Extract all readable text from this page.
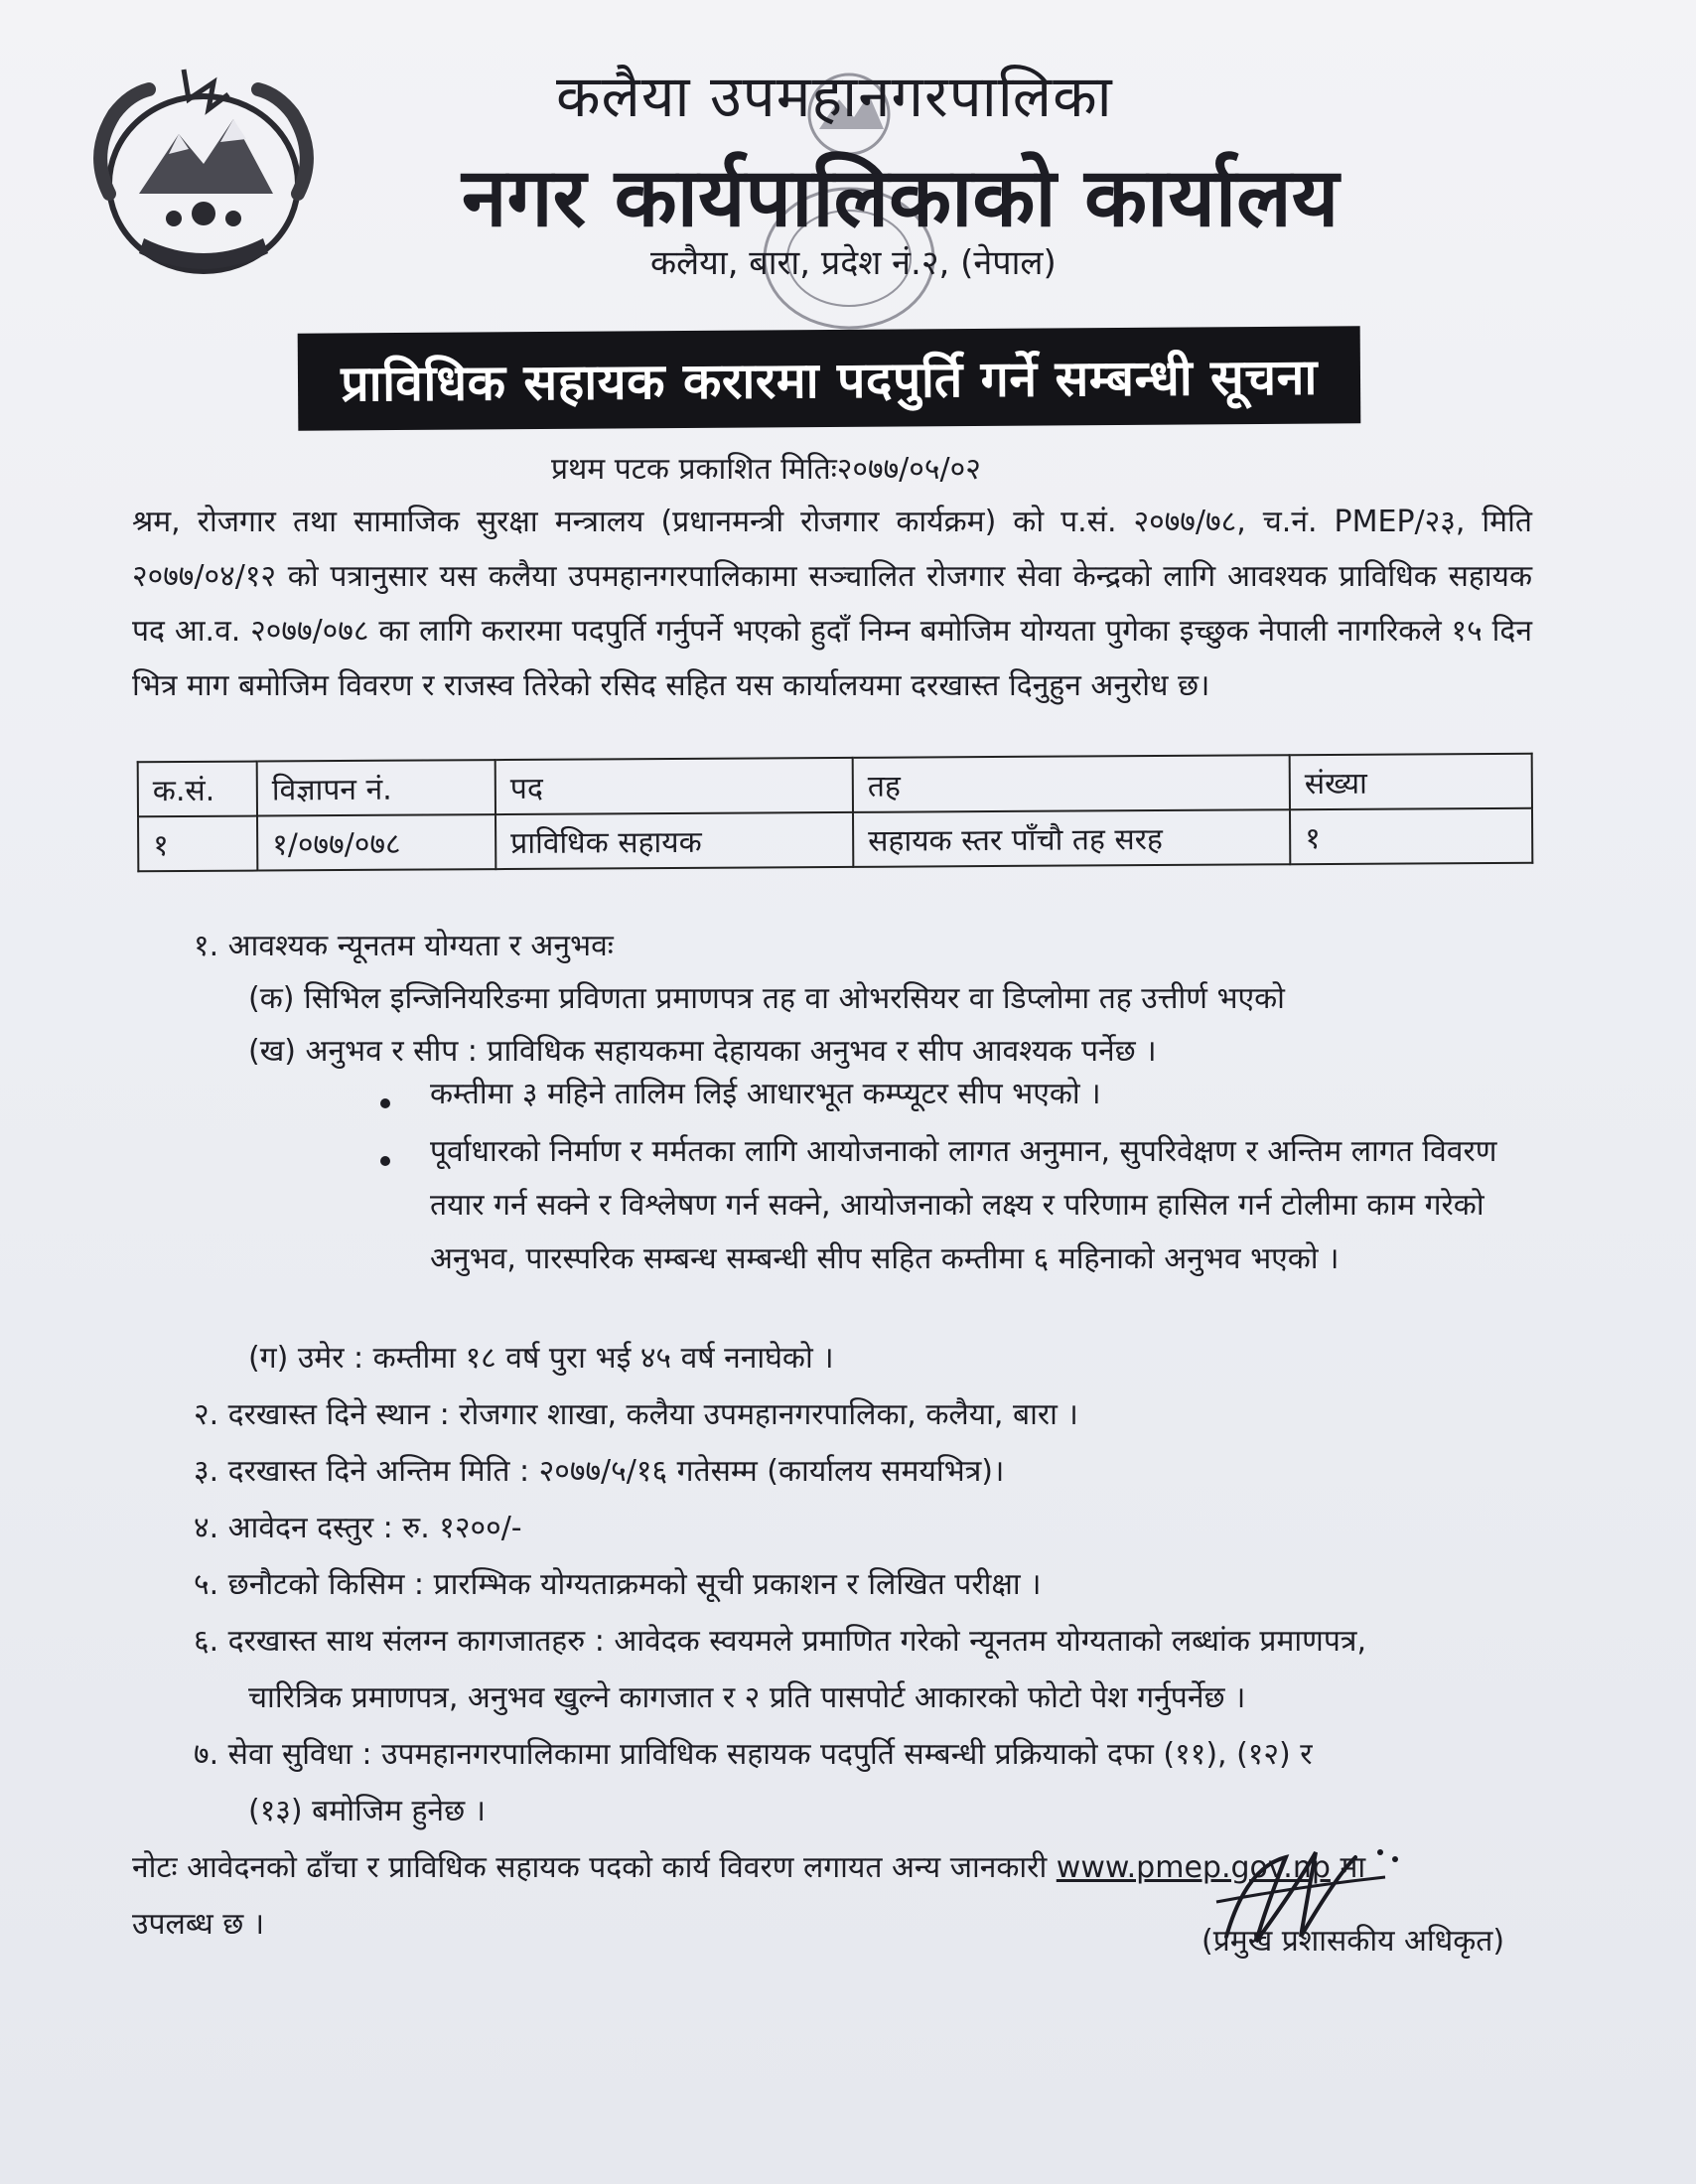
कलैया उपमहानगरपालिका
नगर कार्यपालिकाको कार्यालय
कलैया, बारा, प्रदेश नं.२, (नेपाल)
प्राविधिक सहायक करारमा पदपुर्ति गर्ने सम्बन्धी सूचना
प्रथम पटक प्रकाशित मितिः२०७७/०५/०२
श्रम, रोजगार तथा सामाजिक सुरक्षा मन्त्रालय (प्रधानमन्त्री रोजगार कार्यक्रम) को प.सं. २०७७/७८, च.नं. PMEP/२३, मिति २०७७/०४/१२ को पत्रानुसार यस कलैया उपमहानगरपालिकामा सञ्चालित रोजगार सेवा केन्द्रको लागि आवश्यक प्राविधिक सहायक पद आ.व. २०७७/०७८ का लागि करारमा पदपुर्ति गर्नुपर्ने भएको हुदाँ निम्न बमोजिम योग्यता पुगेका इच्छुक नेपाली नागरिकले १५ दिन भित्र माग बमोजिम विवरण र राजस्व तिरेको रसिद सहित यस कार्यालयमा दरखास्त दिनुहुन अनुरोध छ।
क.सं.	विज्ञापन नं.	पद	तह	संख्या
१	१/०७७/०७८	प्राविधिक सहायक	सहायक स्तर पाँचौ तह सरह	१
१. आवश्यक न्यूनतम योग्यता र अनुभवः
(क) सिभिल इन्जिनियरिङमा प्रविणता प्रमाणपत्र तह वा ओभरसियर वा डिप्लोमा तह उत्तीर्ण भएको
(ख) अनुभव र सीप : प्राविधिक सहायकमा देहायका अनुभव र सीप आवश्यक पर्नेछ ।
कम्तीमा ३ महिने तालिम लिई आधारभूत कम्प्यूटर सीप भएको ।
पूर्वाधारको निर्माण र मर्मतका लागि आयोजनाको लागत अनुमान, सुपरिवेक्षण र अन्तिम लागत विवरण तयार गर्न सक्ने र विश्लेषण गर्न सक्ने, आयोजनाको लक्ष्य र परिणाम हासिल गर्न टोलीमा काम गरेको अनुभव, पारस्परिक सम्बन्ध सम्बन्धी सीप सहित कम्तीमा ६ महिनाको अनुभव भएको ।
(ग) उमेर : कम्तीमा १८ वर्ष पुरा भई ४५ वर्ष ननाघेको ।
२. दरखास्त दिने स्थान : रोजगार शाखा, कलैया उपमहानगरपालिका, कलैया, बारा ।
३. दरखास्त दिने अन्तिम मिति : २०७७/५/१६ गतेसम्म (कार्यालय समयभित्र)।
४. आवेदन दस्तुर : रु. १२००/-
५. छनौटको किसिम : प्रारम्भिक योग्यताक्रमको सूची प्रकाशन र लिखित परीक्षा ।
६. दरखास्त साथ संलग्न कागजातहरु : आवेदक स्वयमले प्रमाणित गरेको न्यूनतम योग्यताको लब्धांक प्रमाणपत्र,
चारित्रिक प्रमाणपत्र, अनुभव खुल्ने कागजात र २ प्रति पासपोर्ट आकारको फोटो पेश गर्नुपर्नेछ ।
७. सेवा सुविधा : उपमहानगरपालिकामा प्राविधिक सहायक पदपुर्ति सम्बन्धी प्रक्रियाको दफा (११), (१२) र
(१३) बमोजिम हुनेछ ।
नोटः आवेदनको ढाँचा र प्राविधिक सहायक पदको कार्य विवरण लगायत अन्य जानकारी www.pmep.gov.np मा
उपलब्ध छ ।	(प्रमुख प्रशासकीय अधिकृत)
